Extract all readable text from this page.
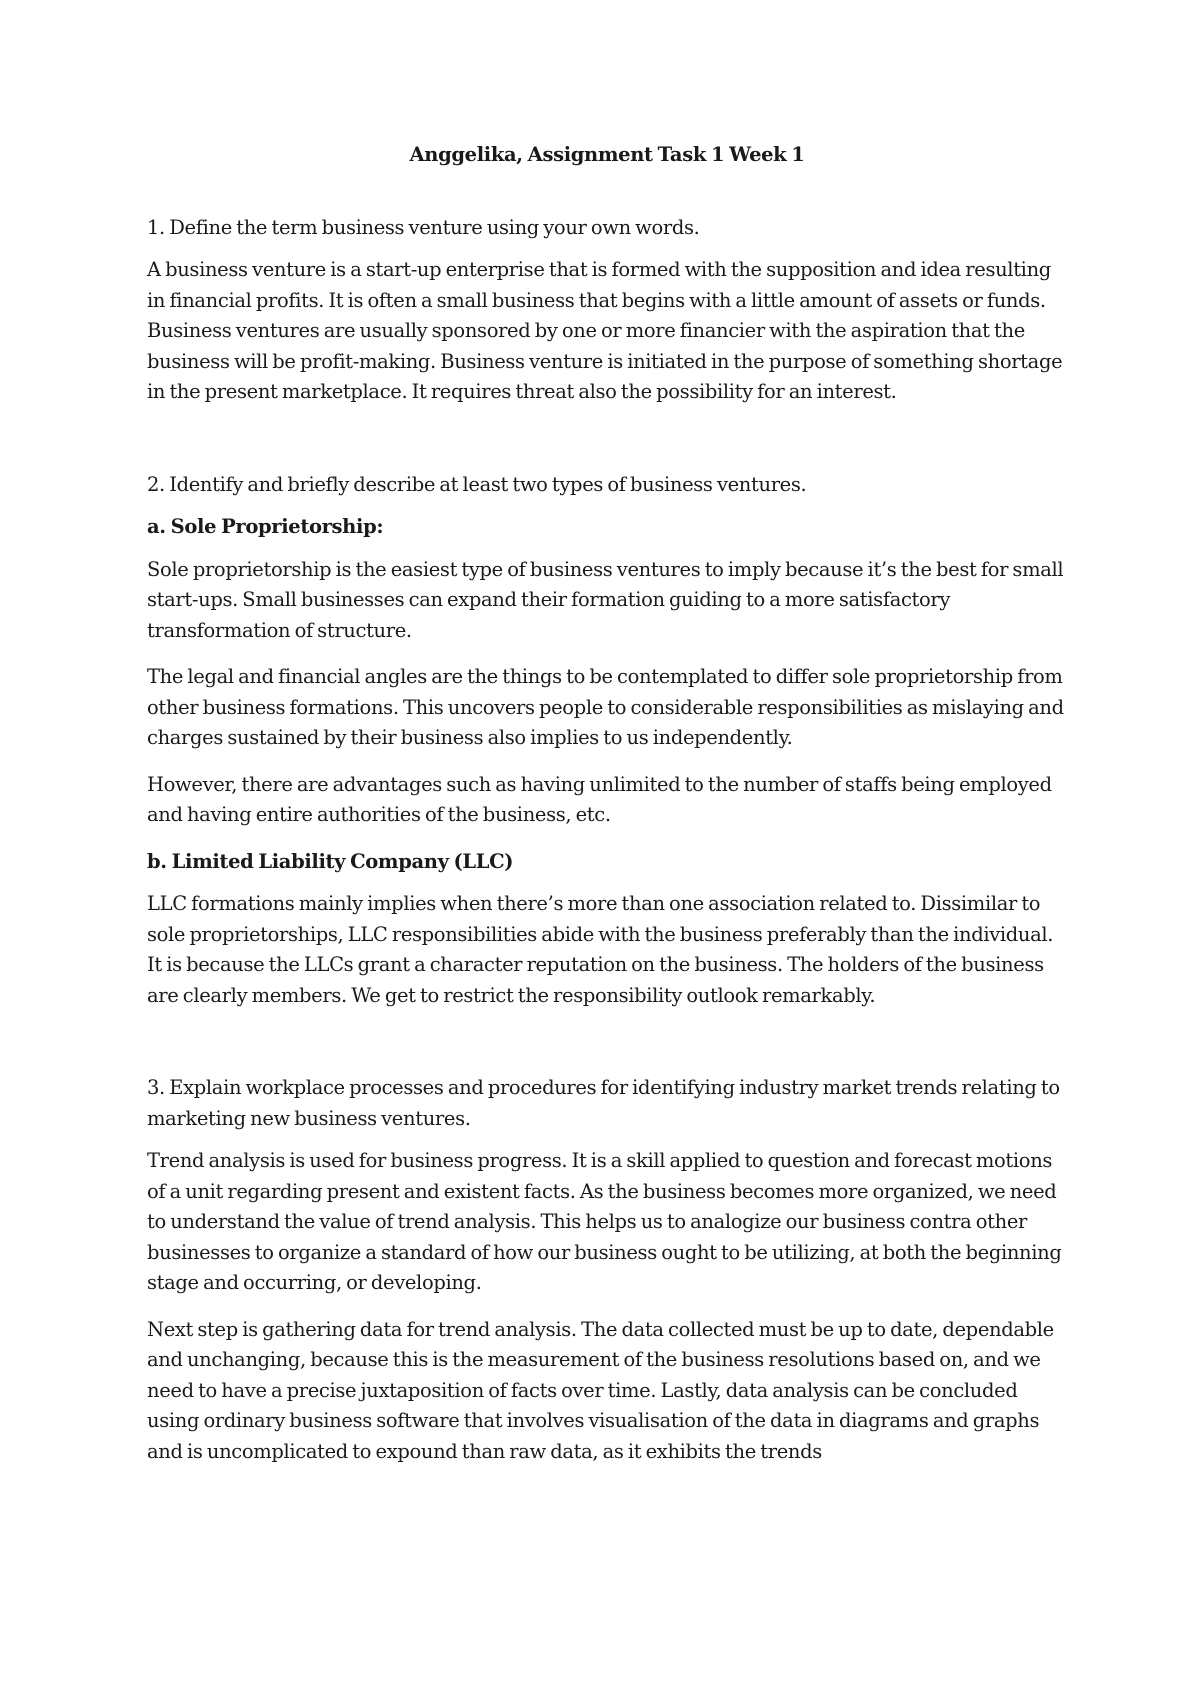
Anggelika, Assignment Task 1 Week 1

1. Define the term business venture using your own words.

A business venture is a start-up enterprise that is formed with the supposition and idea resulting in financial profits. It is often a small business that begins with a little amount of assets or funds. Business ventures are usually sponsored by one or more financier with the aspiration that the business will be profit-making. Business venture is initiated in the purpose of something shortage in the present marketplace. It requires threat also the possibility for an interest.

2. Identify and briefly describe at least two types of business ventures.

a. Sole Proprietorship:

Sole proprietorship is the easiest type of business ventures to imply because it’s the best for small start-ups. Small businesses can expand their formation guiding to a more satisfactory transformation of structure.

The legal and financial angles are the things to be contemplated to differ sole proprietorship from other business formations. This uncovers people to considerable responsibilities as mislaying and charges sustained by their business also implies to us independently.

However, there are advantages such as having unlimited to the number of staffs being employed and having entire authorities of the business, etc.

b. Limited Liability Company (LLC)

LLC formations mainly implies when there’s more than one association related to. Dissimilar to sole proprietorships, LLC responsibilities abide with the business preferably than the individual. It is because the LLCs grant a character reputation on the business. The holders of the business are clearly members. We get to restrict the responsibility outlook remarkably.

3. Explain workplace processes and procedures for identifying industry market trends relating to marketing new business ventures.

Trend analysis is used for business progress. It is a skill applied to question and forecast motions of a unit regarding present and existent facts. As the business becomes more organized, we need to understand the value of trend analysis. This helps us to analogize our business contra other businesses to organize a standard of how our business ought to be utilizing, at both the beginning stage and occurring, or developing.

Next step is gathering data for trend analysis. The data collected must be up to date, dependable and unchanging, because this is the measurement of the business resolutions based on, and we need to have a precise juxtaposition of facts over time. Lastly, data analysis can be concluded using ordinary business software that involves visualisation of the data in diagrams and graphs and is uncomplicated to expound than raw data, as it exhibits the trends
